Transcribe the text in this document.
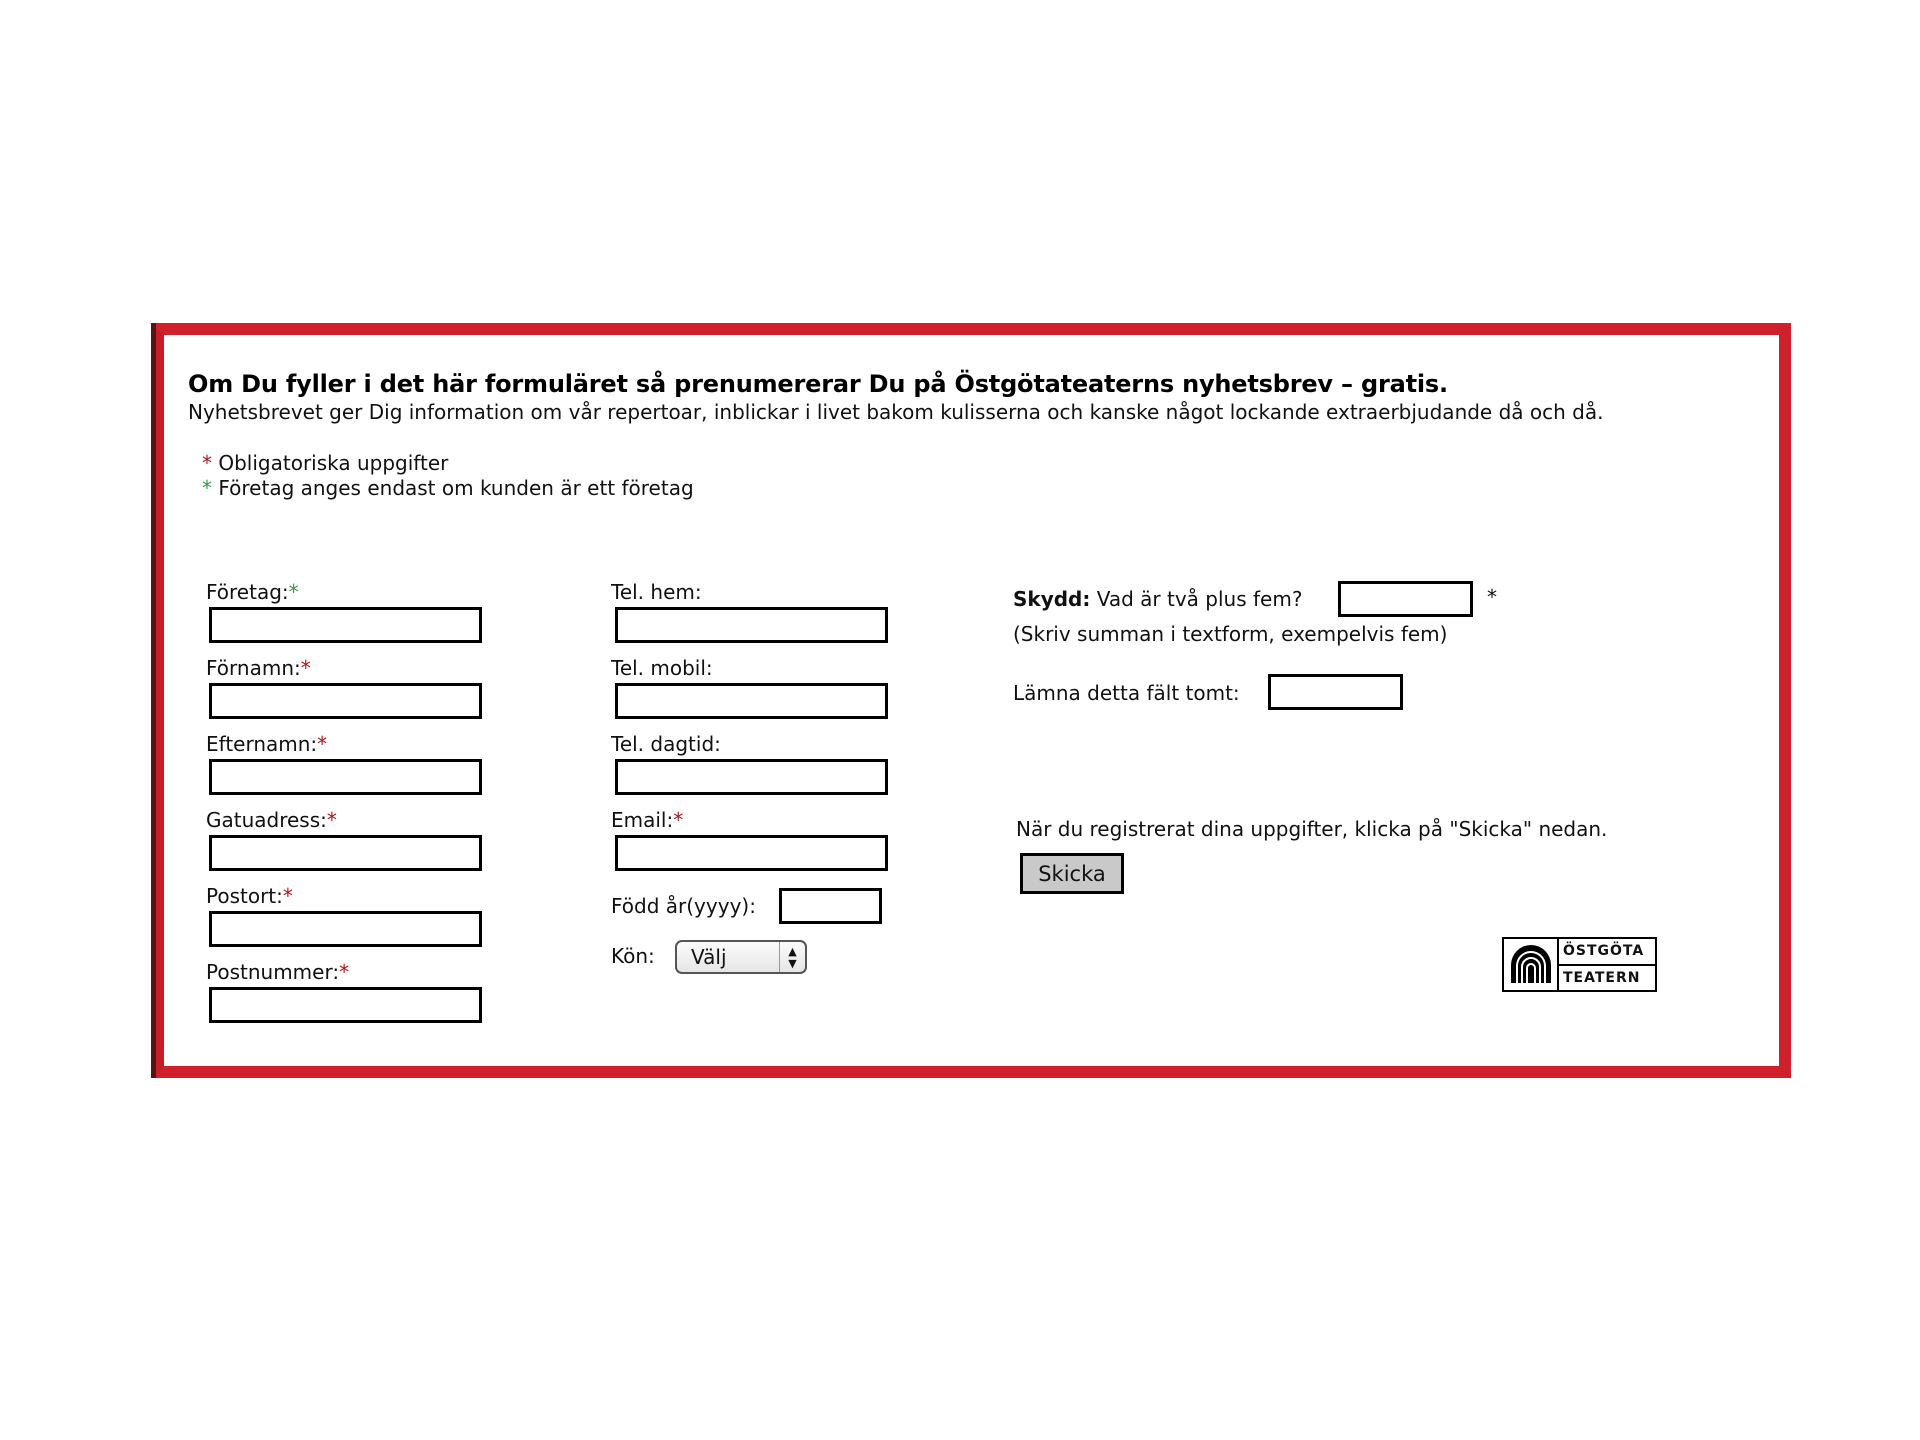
Om Du fyller i det här formuläret så prenumererar Du på Östgötateaterns nyhetsbrev – gratis.
Nyhetsbrevet ger Dig information om vår repertoar, inblickar i livet bakom kulisserna och kanske något lockande extraerbjudande då och då.
* Obligatoriska uppgifter
* Företag anges endast om kunden är ett företag
Företag:*
Förnamn:*
Efternamn:*
Gatuadress:*
Postort:*
Postnummer:*
Tel. hem:
Tel. mobil:
Tel. dagtid:
Email:*
Född år(yyyy):
Kön:	Välj	▲
▼
Skydd: Vad är två plus fem?	*
(Skriv summan i textform, exempelvis fem)
Lämna detta fält tomt:
När du registrerat dina uppgifter, klicka på "Skicka" nedan.
Skicka
ÖSTGÖTA
TEATERN
